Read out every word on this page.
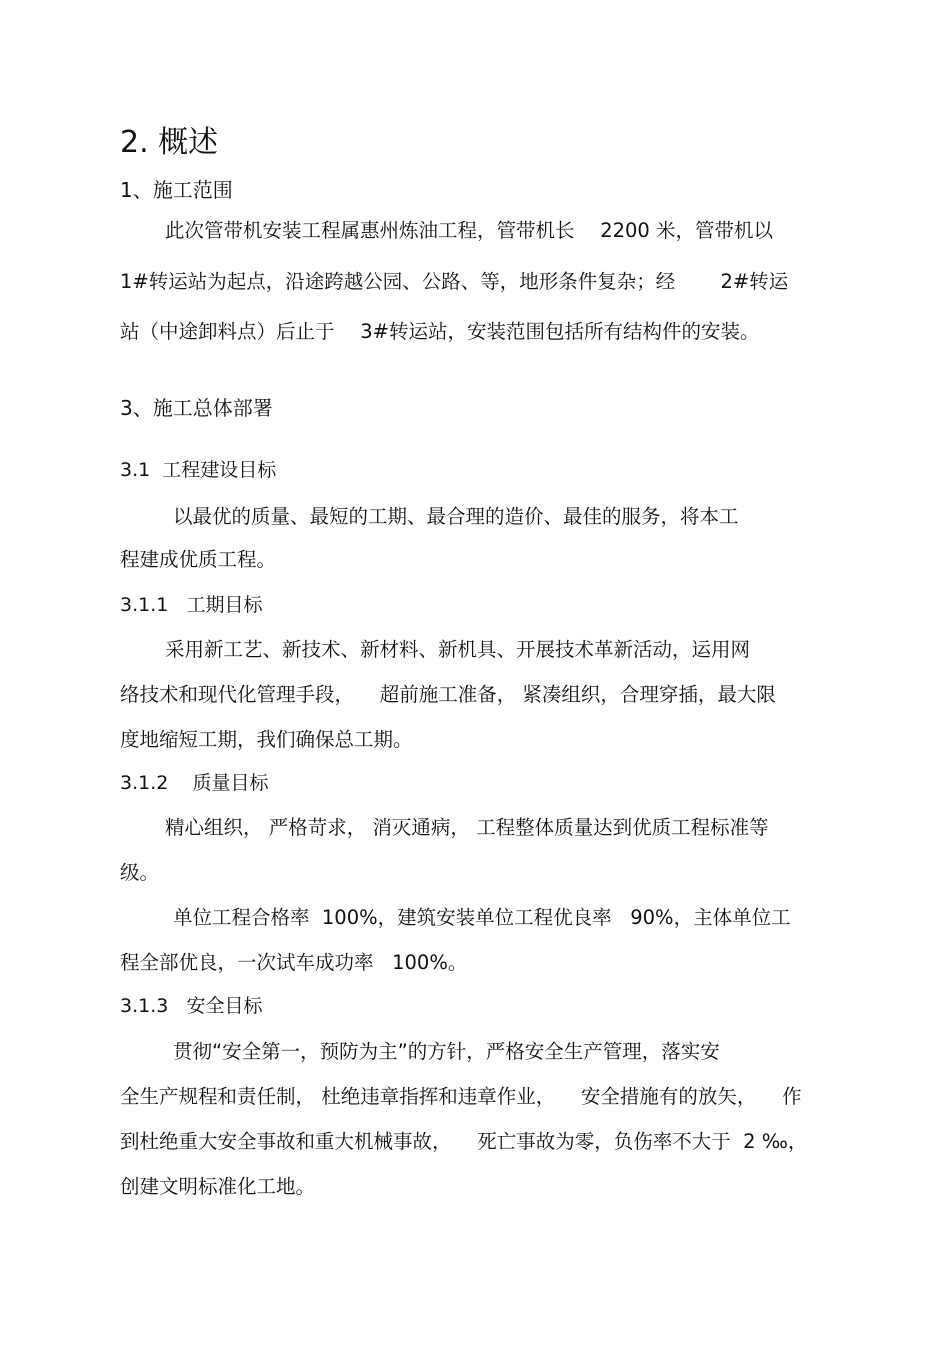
2. 概述
1、施工范围
此次管带机安装工程属惠州炼油工程，管带机长 　2200 米，管带机以
1#转运站为起点，沿途跨越公园、公路、等，地形条件复杂；经 　　2#转运
站（中途卸料点）后止于 　3#转运站，安装范围包括所有结构件的安装。
3、施工总体部署
3.1  工程建设目标
以最优的质量、最短的工期、最合理的造价、最佳的服务，将本工
程建成优质工程。
3.1.1   工期目标
采用新工艺、新技术、新材料、新机具、开展技术革新活动，运用网
络技术和现代化管理手段， 　超前施工准备， 紧凑组织，合理穿插，最大限
度地缩短工期，我们确保总工期。
3.1.2    质量目标
精心组织， 严格苛求， 消灭通病， 工程整体质量达到优质工程标准等
级。
单位工程合格率  100%，建筑安装单位工程优良率   90%，主体单位工
程全部优良，一次试车成功率   100%。
3.1.3   安全目标
贯彻“安全第一，预防为主”的方针，严格安全生产管理，落实安
全生产规程和责任制， 杜绝违章指挥和违章作业， 　安全措施有的放矢， 　作
到杜绝重大安全事故和重大机械事故， 　死亡事故为零，负伤率不大于  2 ‰，
创建文明标准化工地。
